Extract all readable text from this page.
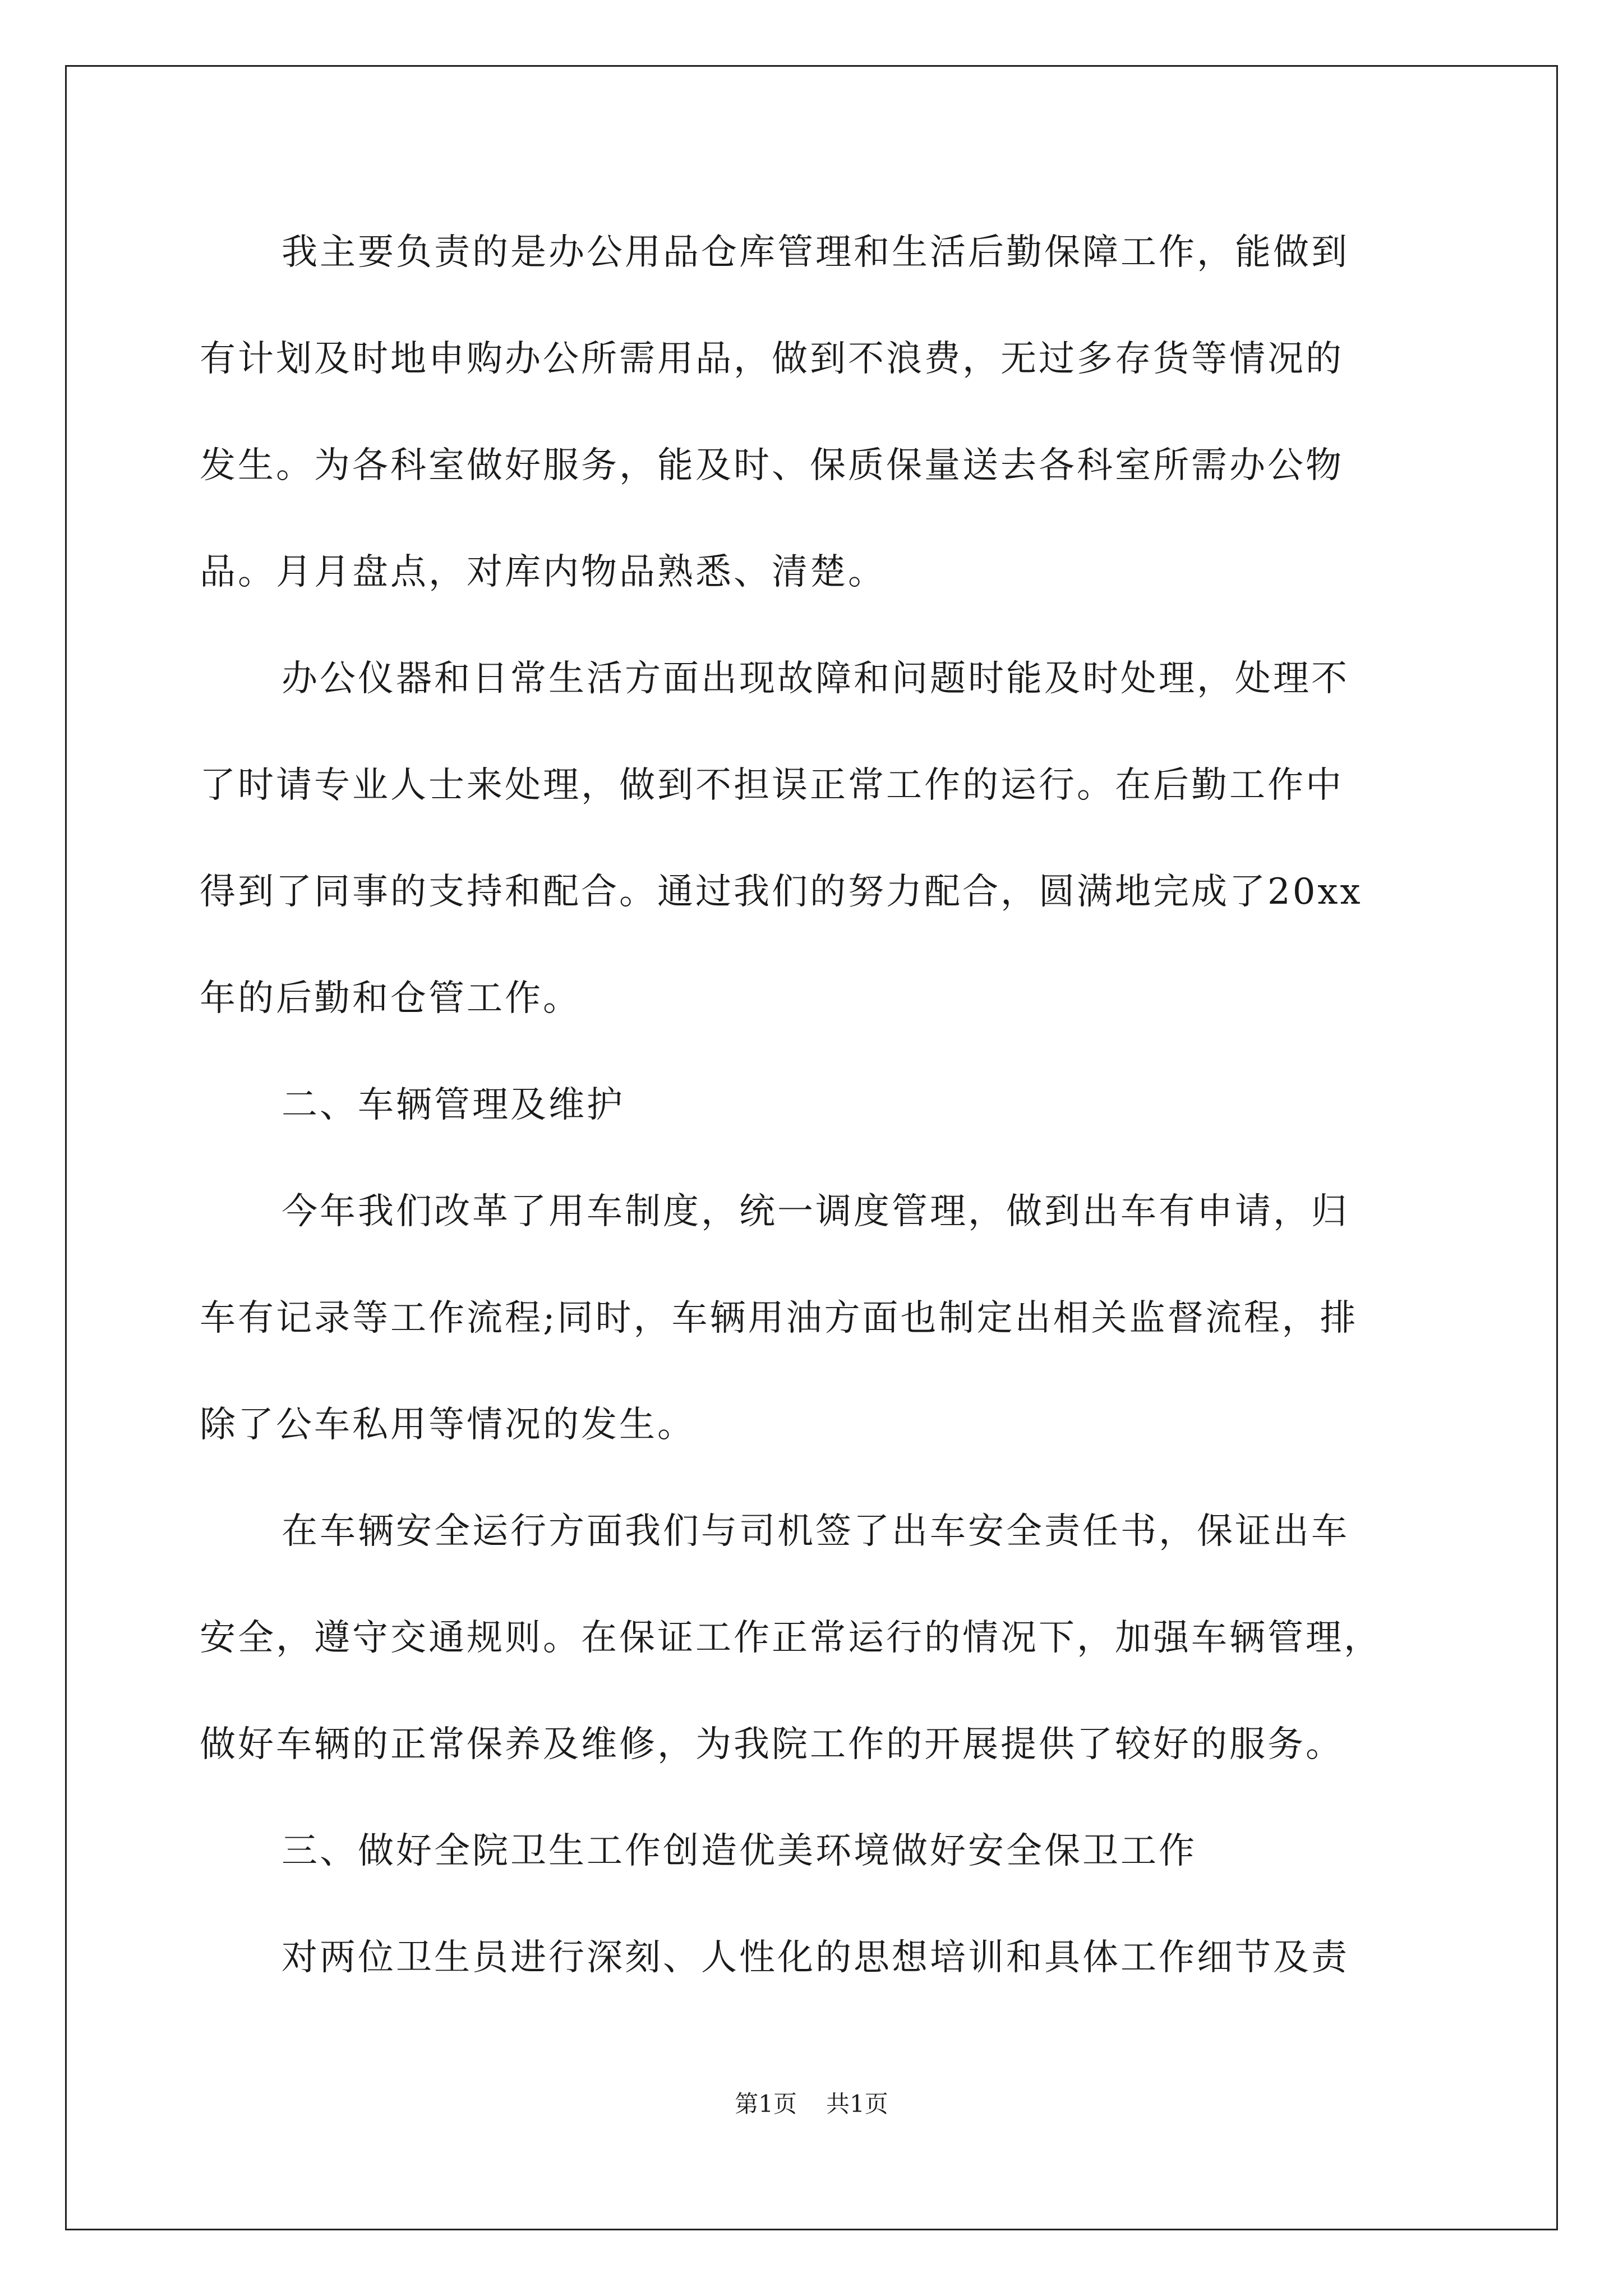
我主要负责的是办公用品仓库管理和生活后勤保障工作，能做到
有计划及时地申购办公所需用品，做到不浪费，无过多存货等情况的
发生。为各科室做好服务，能及时、保质保量送去各科室所需办公物
品。月月盘点，对库内物品熟悉、清楚。
办公仪器和日常生活方面出现故障和问题时能及时处理，处理不
了时请专业人士来处理，做到不担误正常工作的运行。在后勤工作中
得到了同事的支持和配合。通过我们的努力配合，圆满地完成了20xx
年的后勤和仓管工作。
二、车辆管理及维护
今年我们改革了用车制度，统一调度管理，做到出车有申请，归
车有记录等工作流程;同时，车辆用油方面也制定出相关监督流程，排
除了公车私用等情况的发生。
在车辆安全运行方面我们与司机签了出车安全责任书，保证出车
安全，遵守交通规则。在保证工作正常运行的情况下，加强车辆管理，
做好车辆的正常保养及维修，为我院工作的开展提供了较好的服务。
三、做好全院卫生工作创造优美环境做好安全保卫工作
对两位卫生员进行深刻、人性化的思想培训和具体工作细节及责
第1页 共1页
